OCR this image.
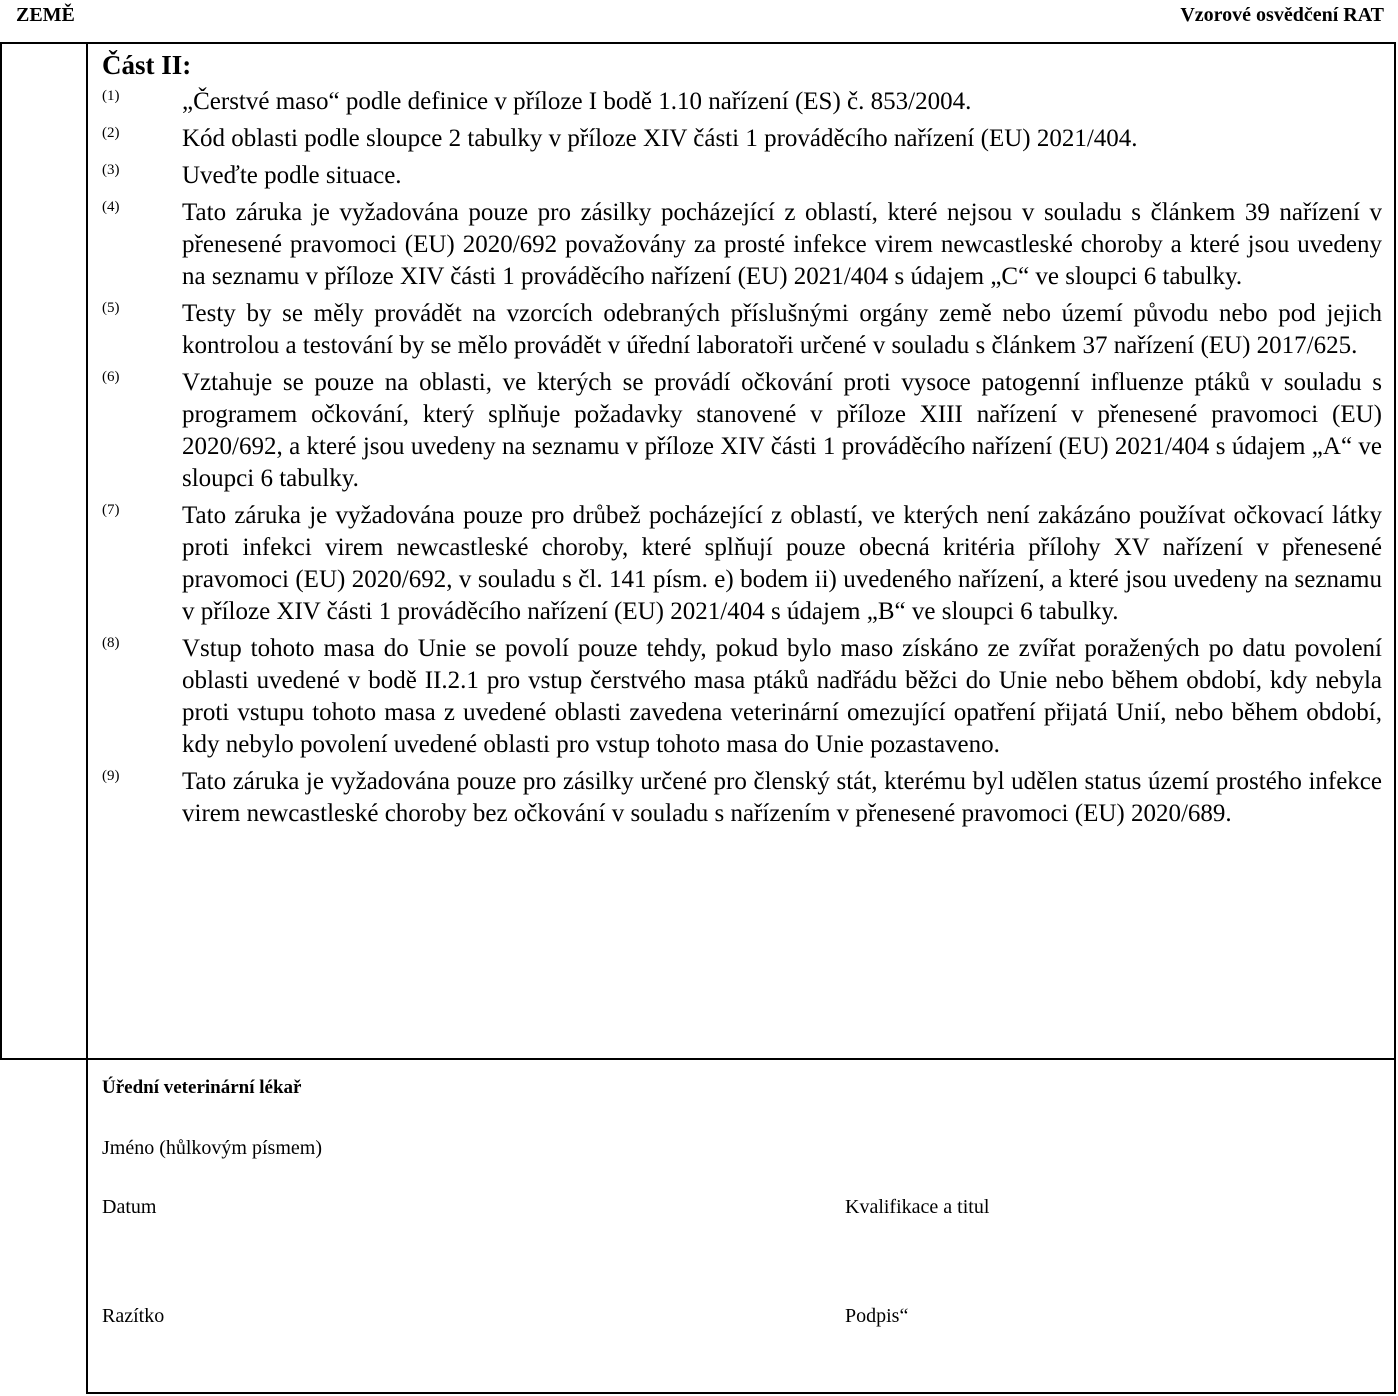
ZEMĚ	Vzorové osvědčení RAT
Část II:
(1)	„Čerstvé maso“ podle definice v příloze I bodě 1.10 nařízení (ES) č. 853/2004.
(2)	Kód oblasti podle sloupce 2 tabulky v příloze XIV části 1 prováděcího nařízení (EU) 2021/404.
(3)	Uveďte podle situace.
(4)	Tato záruka je vyžadována pouze pro zásilky pocházející z oblastí, které nejsou v souladu s článkem 39 nařízení v přenesené pravomoci (EU) 2020/692 považovány za prosté infekce virem newcastleské choroby a které jsou uvedeny na seznamu v příloze XIV části 1 prováděcího nařízení (EU) 2021/404 s údajem „C“ ve sloupci 6 tabulky.
(5)	Testy by se měly provádět na vzorcích odebraných příslušnými orgány země nebo území původu nebo pod jejich kontrolou a testování by se mělo provádět v úřední laboratoři určené v souladu s článkem 37 nařízení (EU) 2017/625.
(6)	Vztahuje se pouze na oblasti, ve kterých se provádí očkování proti vysoce patogenní influenze ptáků v souladu s programem očkování, který splňuje požadavky stanovené v příloze XIII nařízení v přenesené pravomoci (EU) 2020/692, a které jsou uvedeny na seznamu v příloze XIV části 1 prováděcího nařízení (EU) 2021/404 s údajem „A“ ve sloupci 6 tabulky.
(7)	Tato záruka je vyžadována pouze pro drůbež pocházející z oblastí, ve kterých není zakázáno používat očkovací látky proti infekci virem newcastleské choroby, které splňují pouze obecná kritéria přílohy XV nařízení v přenesené pravomoci (EU) 2020/692, v souladu s čl. 141 písm. e) bodem ii) uvedeného nařízení, a které jsou uvedeny na seznamu v příloze XIV části 1 prováděcího nařízení (EU) 2021/404 s údajem „B“ ve sloupci 6 tabulky.
(8)	Vstup tohoto masa do Unie se povolí pouze tehdy, pokud bylo maso získáno ze zvířat poražených po datu povolení oblasti uvedené v bodě II.2.1 pro vstup čerstvého masa ptáků nadřádu běžci do Unie nebo během období, kdy nebyla proti vstupu tohoto masa z uvedené oblasti zavedena veterinární omezující opatření přijatá Unií, nebo během období, kdy nebylo povolení uvedené oblasti pro vstup tohoto masa do Unie pozastaveno.
(9)	Tato záruka je vyžadována pouze pro zásilky určené pro členský stát, kterému byl udělen status území prostého infekce virem newcastleské choroby bez očkování v souladu s nařízením v přenesené pravomoci (EU) 2020/689.
Úřední veterinární lékař
Jméno (hůlkovým písmem)
Datum	Kvalifikace a titul
Razítko	Podpis“
